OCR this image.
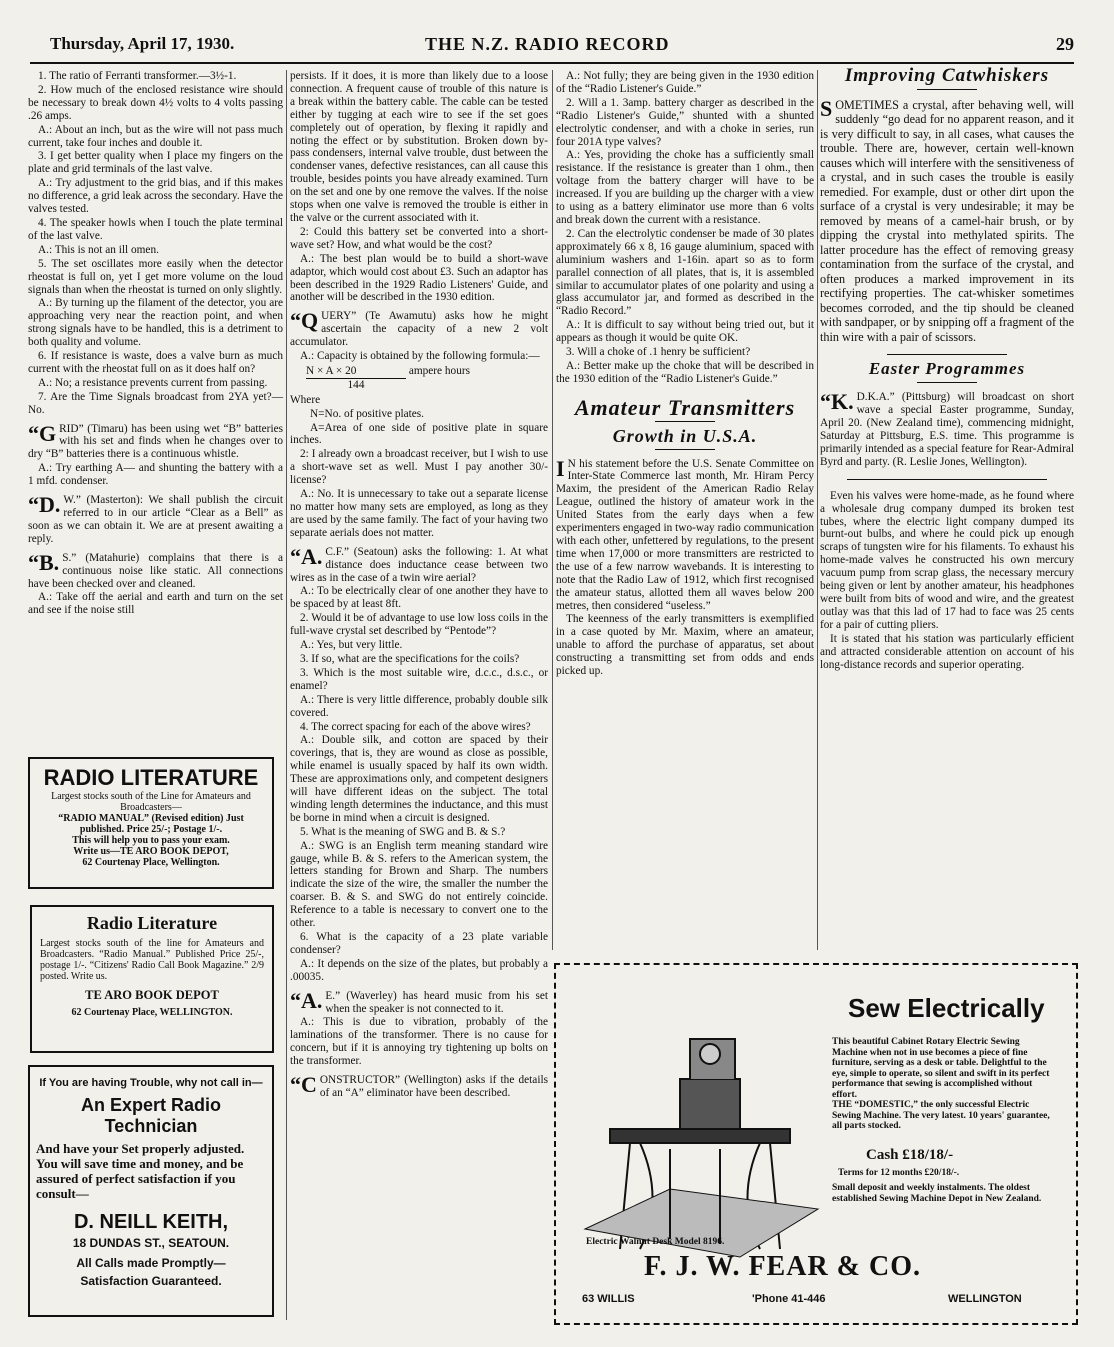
Thursday, April 17, 1930.	THE N.Z. RADIO RECORD	29

1. The ratio of Ferranti transformer.—3½-1.

2. How much of the enclosed resistance wire should be necessary to break down 4½ volts to 4 volts passing .26 amps.

A.: About an inch, but as the wire will not pass much current, take four inches and double it.

3. I get better quality when I place my fingers on the plate and grid terminals of the last valve.

A.: Try adjustment to the grid bias, and if this makes no difference, a grid leak across the secondary. Have the valves tested.

4. The speaker howls when I touch the plate terminal of the last valve.

A.: This is not an ill omen.

5. The set oscillates more easily when the detector rheostat is full on, yet I get more volume on the loud signals than when the rheostat is turned on only slightly.

A.: By turning up the filament of the detector, you are approaching very near the reaction point, and when strong signals have to be handled, this is a detriment to both quality and volume.

6. If resistance is waste, does a valve burn as much current with the rheostat full on as it does half on?

A.: No; a resistance prevents current from passing.

7. Are the Time Signals broadcast from 2YA yet?—No.

“GRID” (Timaru) has been using wet “B” batteries with his set and finds when he changes over to dry “B” batteries there is a continuous whistle.

A.: Try earthing A— and shunting the battery with a 1 mfd. condenser.

“D. W.” (Masterton): We shall publish the circuit referred to in our article “Clear as a Bell” as soon as we can obtain it. We are at present awaiting a reply.

“B. S.” (Matahurie) complains that there is a continuous noise like static. All connections have been checked over and cleaned.

A.: Take off the aerial and earth and turn on the set and see if the noise still

persists. If it does, it is more than likely due to a loose connection. A frequent cause of trouble of this nature is a break within the battery cable. The cable can be tested either by tugging at each wire to see if the set goes completely out of operation, by flexing it rapidly and noting the effect or by substitution. Broken down by-pass condensers, internal valve trouble, dust between the condenser vanes, defective resistances, can all cause this trouble, besides points you have already examined. Turn on the set and one by one remove the valves. If the noise stops when one valve is removed the trouble is either in the valve or the current associated with it.

2: Could this battery set be converted into a short-wave set? How, and what would be the cost?

A.: The best plan would be to build a short-wave adaptor, which would cost about £3. Such an adaptor has been described in the 1929 Radio Listeners' Guide, and another will be described in the 1930 edition.

“QUERY” (Te Awamutu) asks how he might ascertain the capacity of a new 2 volt accumulator.

A.: Capacity is obtained by the following formula:—

N × A × 20	ampere hours
144

Where

N=No. of positive plates.

A=Area of one side of positive plate in square inches.

2: I already own a broadcast receiver, but I wish to use a short-wave set as well. Must I pay another 30/- license?

A.: No. It is unnecessary to take out a separate license no matter how many sets are employed, as long as they are used by the same family. The fact of your having two separate aerials does not matter.

“A. C.F.” (Seatoun) asks the following: 1. At what distance does inductance cease between two wires as in the case of a twin wire aerial?

A.: To be electrically clear of one another they have to be spaced by at least 8ft.

2. Would it be of advantage to use low loss coils in the full-wave crystal set described by “Pentode”?

A.: Yes, but very little.

3. If so, what are the specifications for the coils?

3. Which is the most suitable wire, d.c.c., d.s.c., or enamel?

A.: There is very little difference, probably double silk covered.

4. The correct spacing for each of the above wires?

A.: Double silk, and cotton are spaced by their coverings, that is, they are wound as close as possible, while enamel is usually spaced by half its own width. These are approximations only, and competent designers will have different ideas on the subject. The total winding length determines the inductance, and this must be borne in mind when a circuit is designed.

5. What is the meaning of SWG and B. & S.?

A.: SWG is an English term meaning standard wire gauge, while B. & S. refers to the American system, the letters standing for Brown and Sharp. The numbers indicate the size of the wire, the smaller the number the coarser. B. & S. and SWG do not entirely coincide. Reference to a table is necessary to convert one to the other.

6. What is the capacity of a 23 plate variable condenser?

A.: It depends on the size of the plates, but probably a .00035.

“A. E.” (Waverley) has heard music from his set when the speaker is not connected to it.

A.: This is due to vibration, probably of the laminations of the transformer. There is no cause for concern, but if it is annoying try tightening up bolts on the transformer.

“CONSTRUCTOR” (Wellington) asks if the details of an “A” eliminator have been described.

A.: Not fully; they are being given in the 1930 edition of the “Radio Listener's Guide.”

2. Will a 1. 3amp. battery charger as described in the “Radio Listener's Guide,” shunted with a shunted electrolytic condenser, and with a choke in series, run four 201A type valves?

A.: Yes, providing the choke has a sufficiently small resistance. If the resistance is greater than 1 ohm., then voltage from the battery charger will have to be increased. If you are building up the charger with a view to using as a battery eliminator use more than 6 volts and break down the current with a resistance.

2. Can the electrolytic condenser be made of 30 plates approximately 66 x 8, 16 gauge aluminium, spaced with aluminium washers and 1-16in. apart so as to form parallel connection of all plates, that is, it is assembled similar to accumulator plates of one polarity and using a glass accumulator jar, and formed as described in the “Radio Record.”

A.: It is difficult to say without being tried out, but it appears as though it would be quite OK.

3. Will a choke of .1 henry be sufficient?

A.: Better make up the choke that will be described in the 1930 edition of the “Radio Listener's Guide.”

Amateur Transmitters
Growth in U.S.A.

I N his statement before the U.S. Senate Committee on Inter-State Commerce last month, Mr. Hiram Percy Maxim, the president of the American Radio Relay League, outlined the history of amateur work in the United States from the early days when a few experimenters engaged in two-way radio communication with each other, unfettered by regulations, to the present time when 17,000 or more transmitters are restricted to the use of a few narrow wavebands. It is interesting to note that the Radio Law of 1912, which first recognised the amateur status, allotted them all waves below 200 metres, then considered “useless.”

The keenness of the early transmitters is exemplified in a case quoted by Mr. Maxim, where an amateur, unable to afford the purchase of apparatus, set about constructing a transmitting set from odds and ends picked up.

Improving Catwhiskers

SOMETIMES a crystal, after behaving well, will suddenly “go dead for no apparent reason, and it is very difficult to say, in all cases, what causes the trouble. There are, however, certain well-known causes which will interfere with the sensitiveness of a crystal, and in such cases the trouble is easily remedied. For example, dust or other dirt upon the surface of a crystal is very undesirable; it may be removed by means of a camel-hair brush, or by dipping the crystal into methylated spirits. The latter procedure has the effect of removing greasy contamination from the surface of the crystal, and often produces a marked improvement in its rectifying properties. The cat-whisker sometimes becomes corroded, and the tip should be cleaned with sandpaper, or by snipping off a fragment of the thin wire with a pair of scissors.

Easter Programmes

“K. D.K.A.” (Pittsburg) will broadcast on short wave a special Easter programme, Sunday, April 20. (New Zealand time), commencing midnight, Saturday at Pittsburg, E.S. time. This programme is primarily intended as a special feature for Rear-Admiral Byrd and party. (R. Leslie Jones, Wellington).

Even his valves were home-made, as he found where a wholesale drug company dumped its broken test tubes, where the electric light company dumped its burnt-out bulbs, and where he could pick up enough scraps of tungsten wire for his filaments. To exhaust his home-made valves he constructed his own mercury vacuum pump from scrap glass, the necessary mercury being given or lent by another amateur, his headphones were built from bits of wood and wire, and the greatest outlay was that this lad of 17 had to face was 25 cents for a pair of cutting pliers.

It is stated that his station was particularly efficient and attracted considerable attention on account of his long-distance records and superior operating.

RADIO LITERATURE
Largest stocks south of the Line for Amateurs and Broadcasters—
“RADIO MANUAL” (Revised edition) Just published. Price 25/-; Postage 1/-.
This will help you to pass your exam.
Write us—TE ARO BOOK DEPOT,
62 Courtenay Place, Wellington.
Radio Literature
Largest stocks south of the line for Amateurs and Broadcasters. “Radio Manual.” Published Price 25/-, postage 1/-. “Citizens' Radio Call Book Magazine.” 2/9 posted. Write us.
TE ARO BOOK DEPOT
62 Courtenay Place, WELLINGTON.
If You are having Trouble, why not call in—
An Expert Radio Technician
And have your Set properly adjusted. You will save time and money, and be assured of perfect satisfaction if you consult—
D. NEILL KEITH,
18 DUNDAS ST., SEATOUN.
All Calls made Promptly—
Satisfaction Guaranteed.
Electric Walnut Desk Model 8196.
Sew Electrically
This beautiful Cabinet Rotary Electric Sewing Machine when not in use becomes a piece of fine furniture, serving as a desk or table. Delightful to the eye, simple to operate, so silent and swift in its perfect performance that sewing is accomplished without effort.
THE “DOMESTIC,” the only successful Electric Sewing Machine. The very latest. 10 years' guarantee, all parts stocked.
Cash £18/18/-
Terms for 12 months £20/18/-.
Small deposit and weekly instalments. The oldest established Sewing Machine Depot in New Zealand.
F. J. W. FEAR & CO.
63 WILLIS	'Phone 41-446	WELLINGTON
